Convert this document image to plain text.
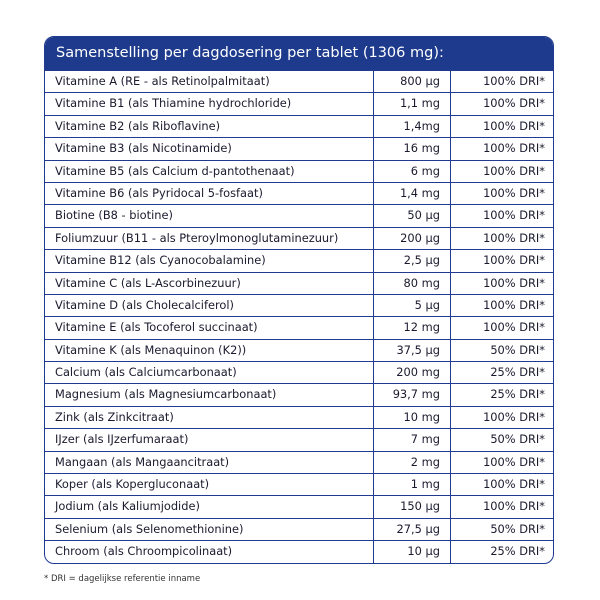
Samenstelling per dagdosering per tablet (1306 mg):
Vitamine A (RE - als Retinolpalmitaat)	800 µg	100% DRI*
Vitamine B1 (als Thiamine hydrochloride)	1,1 mg	100% DRI*
Vitamine B2 (als Riboflavine)	1,4mg	100% DRI*
Vitamine B3 (als Nicotinamide)	16 mg	100% DRI*
Vitamine B5 (als Calcium d-pantothenaat)	6 mg	100% DRI*
Vitamine B6 (als Pyridocal 5-fosfaat)	1,4 mg	100% DRI*
Biotine (B8 - biotine)	50 µg	100% DRI*
Foliumzuur (B11 - als Pteroylmonoglutaminezuur)	200 µg	100% DRI*
Vitamine B12 (als Cyanocobalamine)	2,5 µg	100% DRI*
Vitamine C (als L-Ascorbinezuur)	80 mg	100% DRI*
Vitamine D (als Cholecalciferol)	5 µg	100% DRI*
Vitamine E (als Tocoferol succinaat)	12 mg	100% DRI*
Vitamine K (als Menaquinon (K2))	37,5 µg	50% DRI*
Calcium (als Calciumcarbonaat)	200 mg	25% DRI*
Magnesium (als Magnesiumcarbonaat)	93,7 mg	25% DRI*
Zink (als Zinkcitraat)	10 mg	100% DRI*
IJzer (als IJzerfumaraat)	7 mg	50% DRI*
Mangaan (als Mangaancitraat)	2 mg	100% DRI*
Koper (als Kopergluconaat)	1 mg	100% DRI*
Jodium (als Kaliumjodide)	150 µg	100% DRI*
Selenium (als Selenomethionine)	27,5 µg	50% DRI*
Chroom (als Chroompicolinaat)	10 µg	25% DRI*
* DRI = dagelijkse referentie inname
